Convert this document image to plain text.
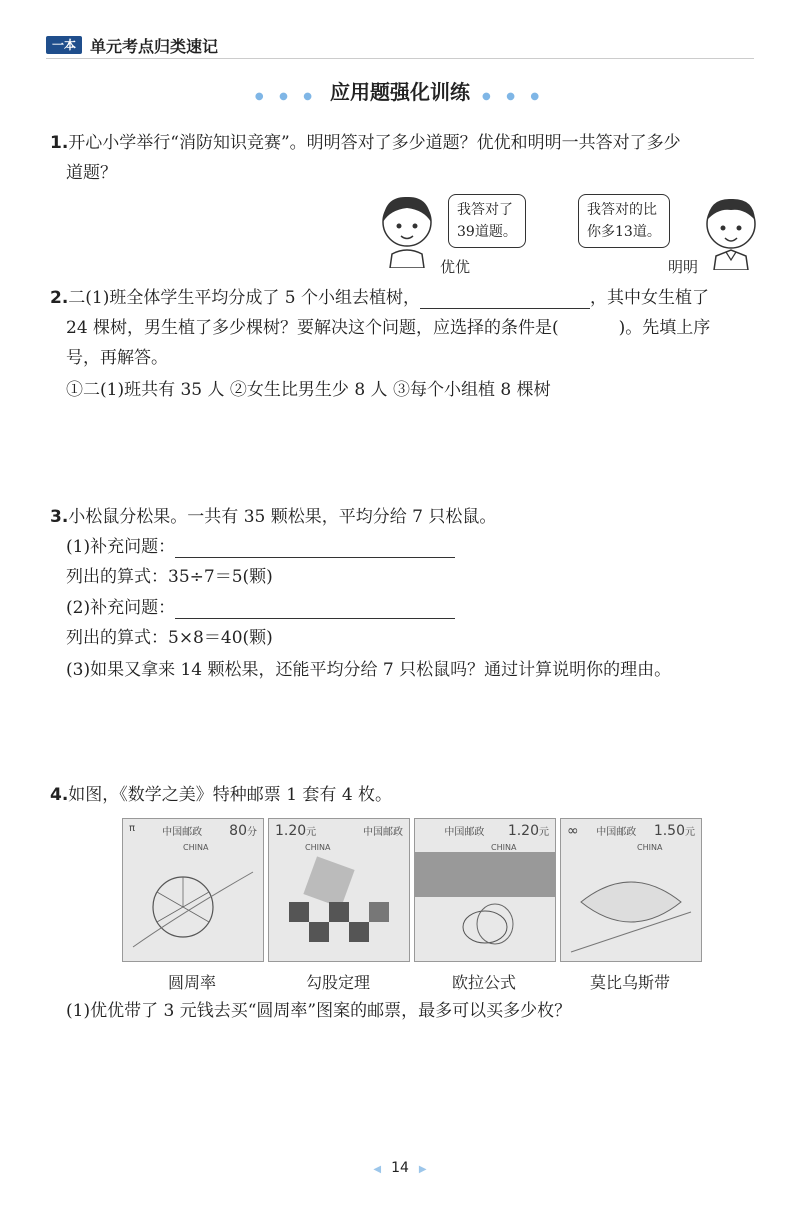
一本 单元考点归类速记
● ● ● 应用题强化训练 ● ● ●
1.开心小学举行“消防知识竞赛”。明明答对了多少道题？优优和明明一共答对了多少
道题？
我答对了
39道题。
优优
我答对的比
你多13道。
明明
2.二(1)班全体学生平均分成了 5 个小组去植树，	，其中女生植了
24 棵树，男生植了多少棵树？要解决这个问题，应选择的条件是(	)。先填上序
号，再解答。
①二(1)班共有 35 人 ②女生比男生少 8 人 ③每个小组植 8 棵树
3.小松鼠分松果。一共有 35 颗松果，平均分给 7 只松鼠。
(1)补充问题：
列出的算式：35÷7＝5(颗)
(2)补充问题：
列出的算式：5×8＝40(颗)
(3)如果又拿来 14 颗松果，还能平均分给 7 只松鼠吗？通过计算说明你的理由。
4.如图，《数学之美》特种邮票 1 套有 4 枚。
π	中国邮政 80分
CHINA
1.20元	中国邮政
CHINA
中国邮政 1.20元
CHINA
∞ 中国邮政 1.50元
CHINA
圆周率	勾股定理	欧拉公式	莫比乌斯带
(1)优优带了 3 元钱去买“圆周率”图案的邮票，最多可以买多少枚？
◀ 14 ▶
